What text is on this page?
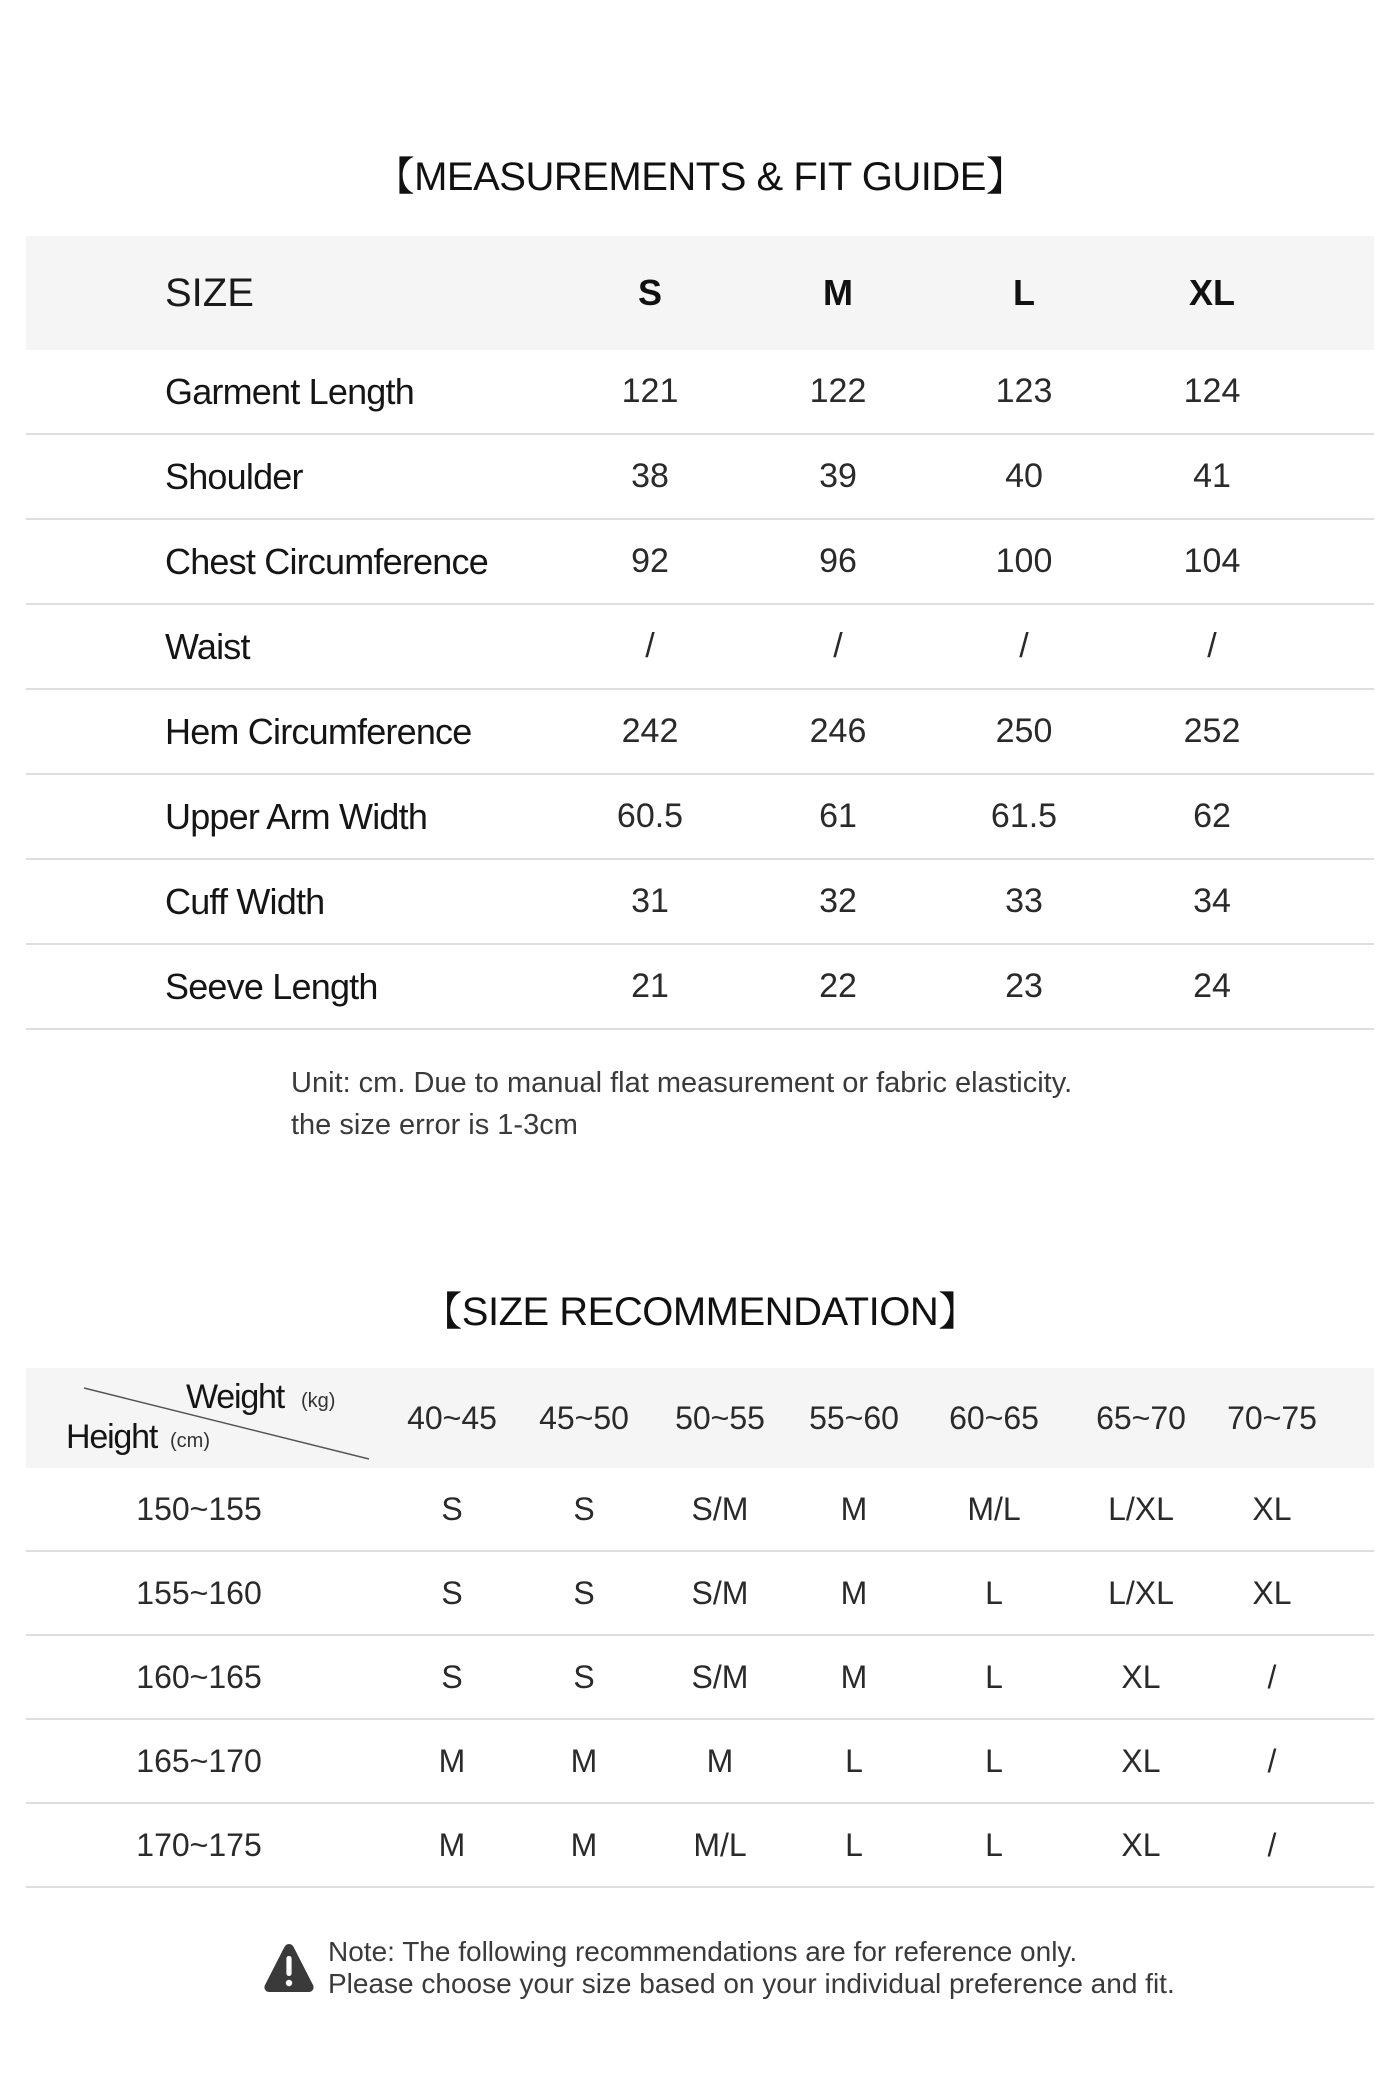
【MEASUREMENTS & FIT GUIDE】
SIZE	S	M	L	XL
Garment Length	121	122	123	124
Shoulder	38	39	40	41
Chest Circumference	92	96	100	104
Waist	/	/	/	/
Hem Circumference	242	246	250	252
Upper Arm Width	60.5	61	61.5	62
Cuff Width	31	32	33	34
Seeve Length	21	22	23	24
Unit: cm. Due to manual flat measurement or fabric elasticity.
the size error is 1-3cm
【SIZE RECOMMENDATION】
Weight (kg)
Height (cm)
40~45	45~50	50~55	55~60	60~65	65~70	70~75
150~155	S	S	S/M	M	M/L	L/XL	XL
155~160	S	S	S/M	M	L	L/XL	XL
160~165	S	S	S/M	M	L	XL	/
165~170	M	M	M	L	L	XL	/
170~175	M	M	M/L	L	L	XL	/
Note: The following recommendations are for reference only.
Please choose your size based on your individual preference and fit.
